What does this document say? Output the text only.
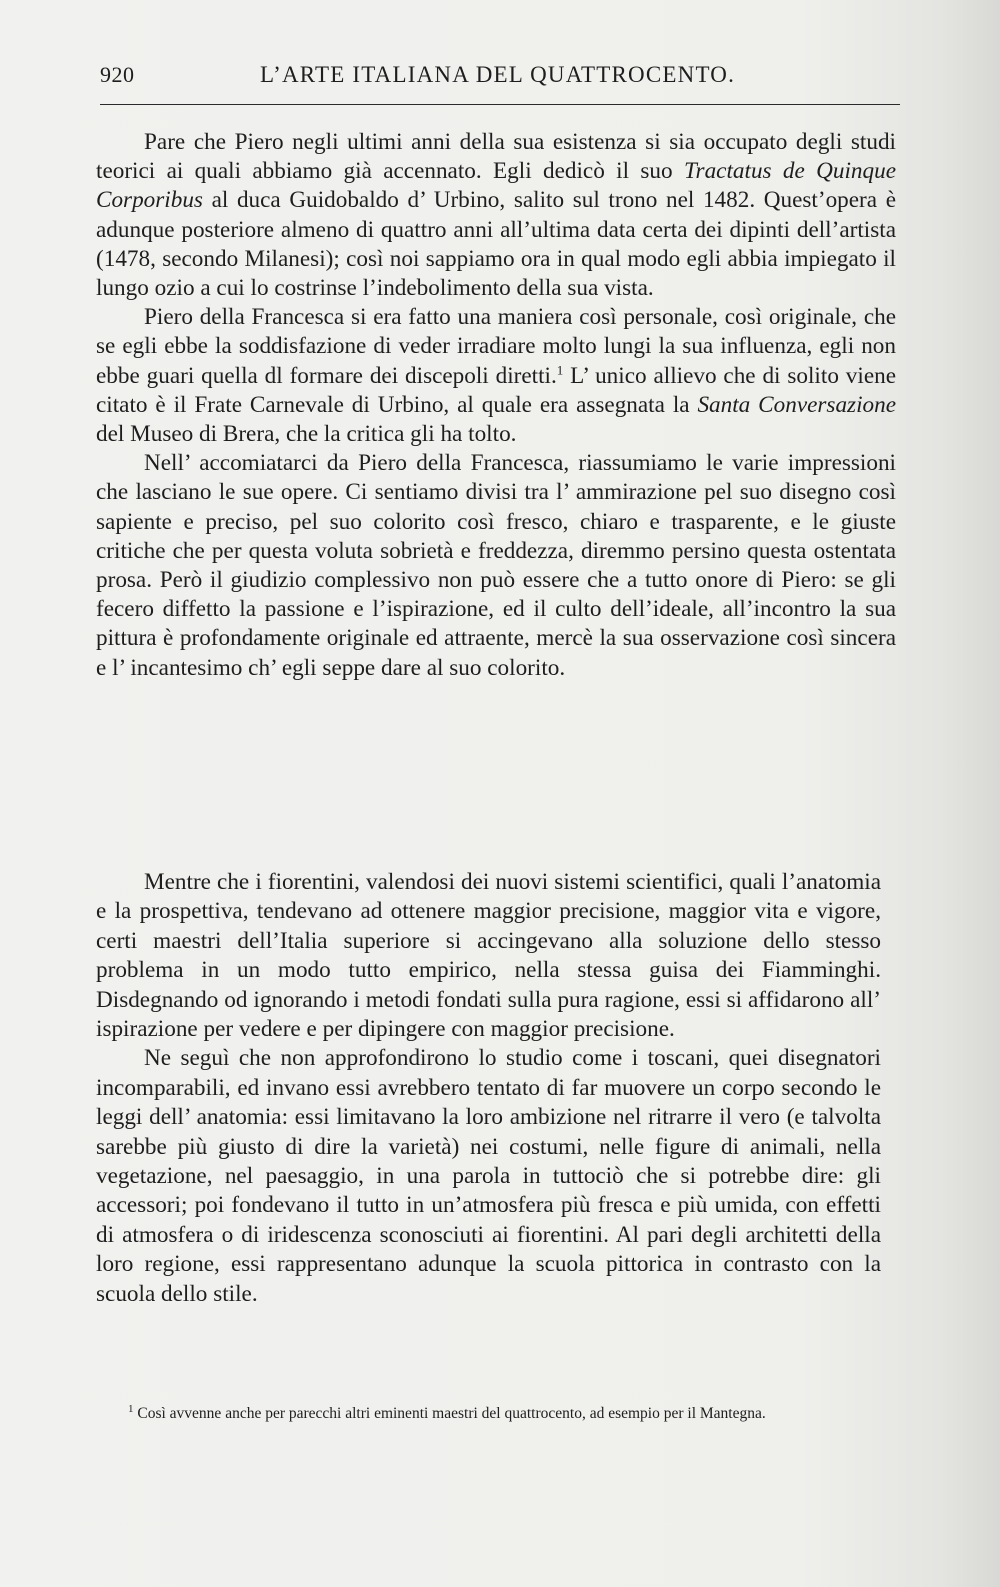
920	L’ARTE ITALIANA DEL QUATTROCENTO.

Pare che Piero negli ultimi anni della sua esistenza si sia occupato degli studi teorici ai quali abbiamo già accennato. Egli dedicò il suo Tractatus de Quinque Corporibus al duca Guidobaldo d’ Urbino, salito sul trono nel 1482. Quest’opera è adunque posteriore almeno di quattro anni all’ultima data certa dei dipinti dell’artista (1478, secondo Milanesi); così noi sappiamo ora in qual modo egli abbia impiegato il lungo ozio a cui lo costrinse l’indebolimento della sua vista.

Piero della Francesca si era fatto una maniera così personale, così originale, che se egli ebbe la soddisfazione di veder irradiare molto lungi la sua influenza, egli non ebbe guari quella dl formare dei discepoli diretti.$^1$ L’ unico allievo che di solito viene citato è il Frate Carnevale di Urbino, al quale era assegnata la Santa Conversazione del Museo di Brera, che la critica gli ha tolto.

Nell’ accomiatarci da Piero della Francesca, riassumiamo le varie impressioni che lasciano le sue opere. Ci sentiamo divisi tra l’ ammirazione pel suo disegno così sapiente e preciso, pel suo colorito così fresco, chiaro e trasparente, e le giuste critiche che per questa voluta sobrietà e freddezza, diremmo persino questa ostentata prosa. Però il giudizio complessivo non può essere che a tutto onore di Piero: se gli fecero diffetto la passione e l’ispirazione, ed il culto dell’ideale, all’incontro la sua pittura è profondamente originale ed attraente, mercè la sua osservazione così sincera e l’ incantesimo ch’ egli seppe dare al suo colorito.

Mentre che i fiorentini, valendosi dei nuovi sistemi scientifici, quali l’anatomia e la prospettiva, tendevano ad ottenere maggior precisione, maggior vita e vigore, certi maestri dell’Italia superiore si accingevano alla soluzione dello stesso problema in un modo tutto empirico, nella stessa guisa dei Fiamminghi. Disdegnando od ignorando i metodi fondati sulla pura ragione, essi si affidarono all’ ispirazione per vedere e per dipingere con maggior precisione.

Ne seguì che non approfondirono lo studio come i toscani, quei disegnatori incomparabili, ed invano essi avrebbero tentato di far muovere un corpo secondo le leggi dell’ anatomia: essi limitavano la loro ambizione nel ritrarre il vero (e talvolta sarebbe più giusto di dire la varietà) nei costumi, nelle figure di animali, nella vegetazione, nel paesaggio, in una parola in tuttociò che si potrebbe dire: gli accessori; poi fondevano il tutto in un’atmosfera più fresca e più umida, con effetti di atmosfera o di iridescenza sconosciuti ai fiorentini. Al pari degli architetti della loro regione, essi rappresentano adunque la scuola pittorica in contrasto con la scuola dello stile.

$^1$ Così avvenne anche per parecchi altri eminenti maestri del quattrocento, ad esempio per il Mantegna.
